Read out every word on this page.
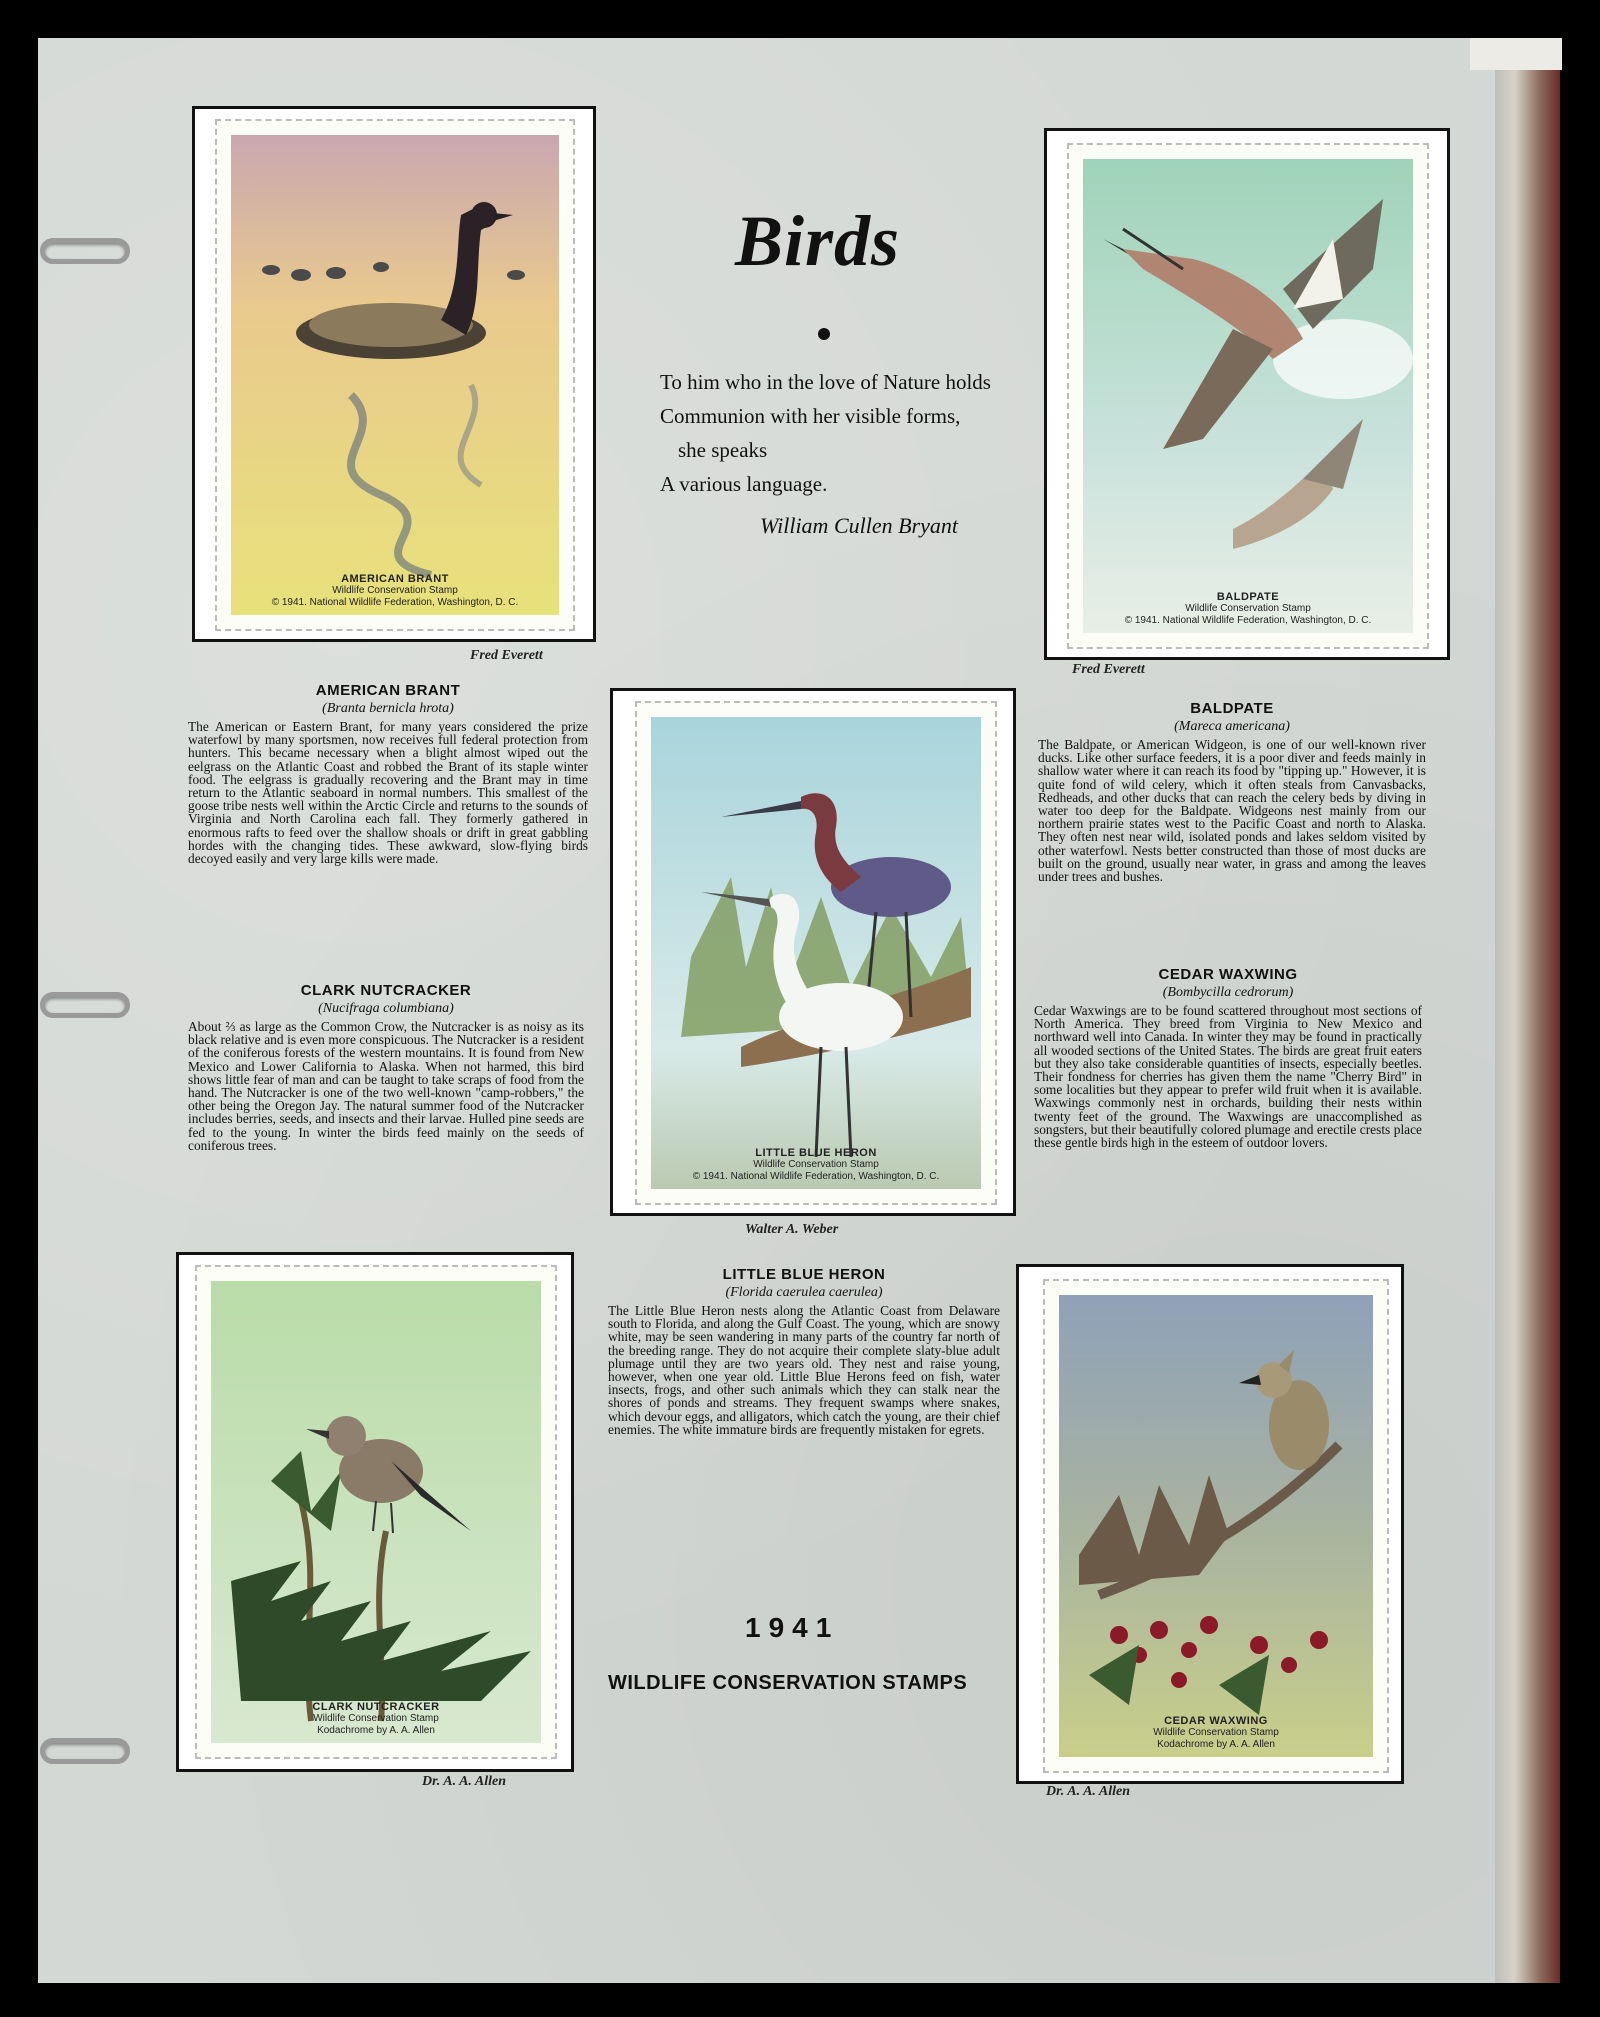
Birds
To him who in the love of Nature holds
Communion with her visible forms,
she speaks
A various language.
William Cullen Bryant
AMERICAN BRANT
Wildlife Conservation Stamp
© 1941. National Wildlife Federation, Washington, D. C.
Fred Everett
BALDPATE
Wildlife Conservation Stamp
© 1941. National Wildlife Federation, Washington, D. C.
Fred Everett
LITTLE BLUE HERON
Wildlife Conservation Stamp
© 1941. National Wildlife Federation, Washington, D. C.
Walter A. Weber
CLARK NUTCRACKER
Wildlife Conservation Stamp
Kodachrome by A. A. Allen
Dr. A. A. Allen
CEDAR WAXWING
Wildlife Conservation Stamp
Kodachrome by A. A. Allen
Dr. A. A. Allen
AMERICAN BRANT
(Branta bernicla hrota)
The American or Eastern Brant, for many years considered the prize waterfowl by many sportsmen, now receives full federal protection from hunters. This became necessary when a blight almost wiped out the eelgrass on the Atlantic Coast and robbed the Brant of its staple winter food. The eelgrass is gradually recovering and the Brant may in time return to the Atlantic seaboard in normal numbers. This smallest of the goose tribe nests well within the Arctic Circle and returns to the sounds of Virginia and North Carolina each fall. They formerly gathered in enormous rafts to feed over the shallow shoals or drift in great gabbling hordes with the changing tides. These awkward, slow-flying birds decoyed easily and very large kills were made.
CLARK NUTCRACKER
(Nucifraga columbiana)
About ⅔ as large as the Common Crow, the Nutcracker is as noisy as its black relative and is even more conspicuous. The Nutcracker is a resident of the coniferous forests of the western mountains. It is found from New Mexico and Lower California to Alaska. When not harmed, this bird shows little fear of man and can be taught to take scraps of food from the hand. The Nutcracker is one of the two well-known "camp-robbers," the other being the Oregon Jay. The natural summer food of the Nutcracker includes berries, seeds, and insects and their larvae. Hulled pine seeds are fed to the young. In winter the birds feed mainly on the seeds of coniferous trees.
BALDPATE
(Mareca americana)
The Baldpate, or American Widgeon, is one of our well-known river ducks. Like other surface feeders, it is a poor diver and feeds mainly in shallow water where it can reach its food by "tipping up." However, it is quite fond of wild celery, which it often steals from Canvasbacks, Redheads, and other ducks that can reach the celery beds by diving in water too deep for the Baldpate. Widgeons nest mainly from our northern prairie states west to the Pacific Coast and north to Alaska. They often nest near wild, isolated ponds and lakes seldom visited by other waterfowl. Nests better constructed than those of most ducks are built on the ground, usually near water, in grass and among the leaves under trees and bushes.
CEDAR WAXWING
(Bombycilla cedrorum)
Cedar Waxwings are to be found scattered throughout most sections of North America. They breed from Virginia to New Mexico and northward well into Canada. In winter they may be found in practically all wooded sections of the United States. The birds are great fruit eaters but they also take considerable quantities of insects, especially beetles. Their fondness for cherries has given them the name "Cherry Bird" in some localities but they appear to prefer wild fruit when it is available. Waxwings commonly nest in orchards, building their nests within twenty feet of the ground. The Waxwings are unaccomplished as songsters, but their beautifully colored plumage and erectile crests place these gentle birds high in the esteem of outdoor lovers.
LITTLE BLUE HERON
(Florida caerulea caerulea)
The Little Blue Heron nests along the Atlantic Coast from Delaware south to Florida, and along the Gulf Coast. The young, which are snowy white, may be seen wandering in many parts of the country far north of the breeding range. They do not acquire their complete slaty-blue adult plumage until they are two years old. They nest and raise young, however, when one year old. Little Blue Herons feed on fish, water insects, frogs, and other such animals which they can stalk near the shores of ponds and streams. They frequent swamps where snakes, which devour eggs, and alligators, which catch the young, are their chief enemies. The white immature birds are frequently mistaken for egrets.
1941
WILDLIFE CONSERVATION STAMPS
